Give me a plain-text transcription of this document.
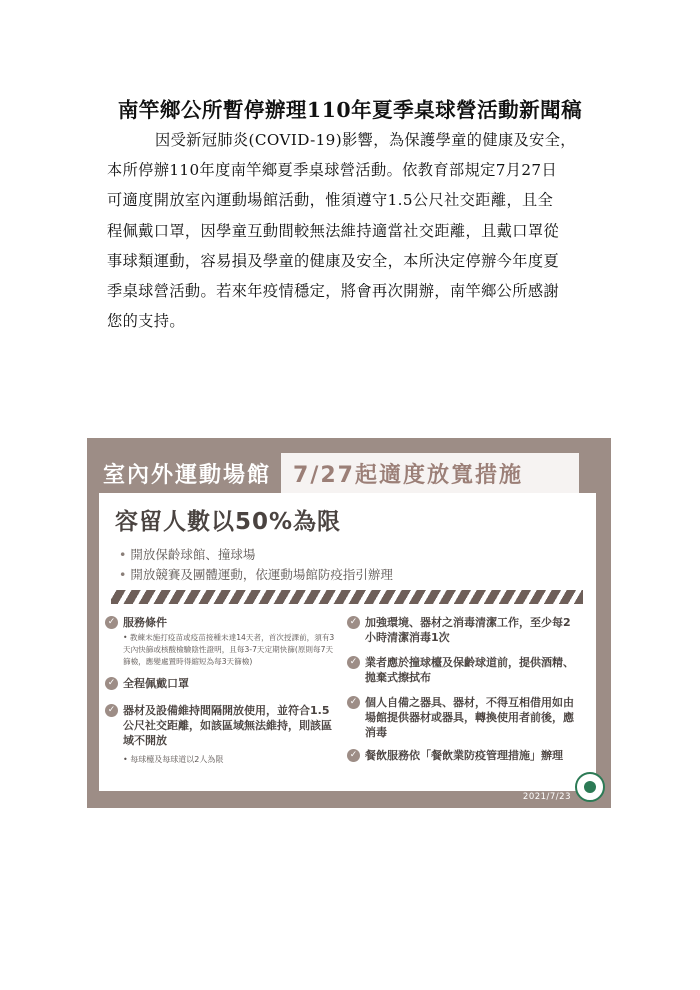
南竿鄉公所暫停辦理110年夏季桌球營活動新聞稿
因受新冠肺炎(COVID-19)影響，為保護學童的健康及安全，
本所停辦110年度南竿鄉夏季桌球營活動。依教育部規定7月27日
可適度開放室內運動場館活動，惟須遵守1.5公尺社交距離，且全
程佩戴口罩，因學童互動間較無法維持適當社交距離，且戴口罩從
事球類運動，容易損及學童的健康及安全，本所決定停辦今年度夏
季桌球營活動。若來年疫情穩定，將會再次開辦，南竿鄉公所感謝
您的支持。
室內外運動場館	7/27起適度放寬措施
容留人數以50%為限
• 開放保齡球館、撞球場
• 開放競賽及團體運動，依運動場館防疫指引辦理
✓ 服務條件
• 教練未施打疫苗或疫苗接種未達14天者，首次授課前，須有3天內快篩或核酸檢驗陰性證明，且每3-7天定期快篩(原則每7天篩檢，應變處置時得縮短為每3天篩檢)
✓ 全程佩戴口罩
✓ 器材及設備維持間隔開放使用，並符合1.5公尺社交距離，如該區域無法維持，則該區域不開放
• 每球檯及每球道以2人為限
✓ 加強環境、器材之消毒清潔工作，至少每2小時清潔消毒1次
✓ 業者應於撞球檯及保齡球道前，提供酒精、拋棄式擦拭布
✓ 個人自備之器具、器材，不得互相借用如由場館提供器材或器具，轉換使用者前後，應消毒
✓ 餐飲服務依「餐飲業防疫管理措施」辦理
2021/7/23
